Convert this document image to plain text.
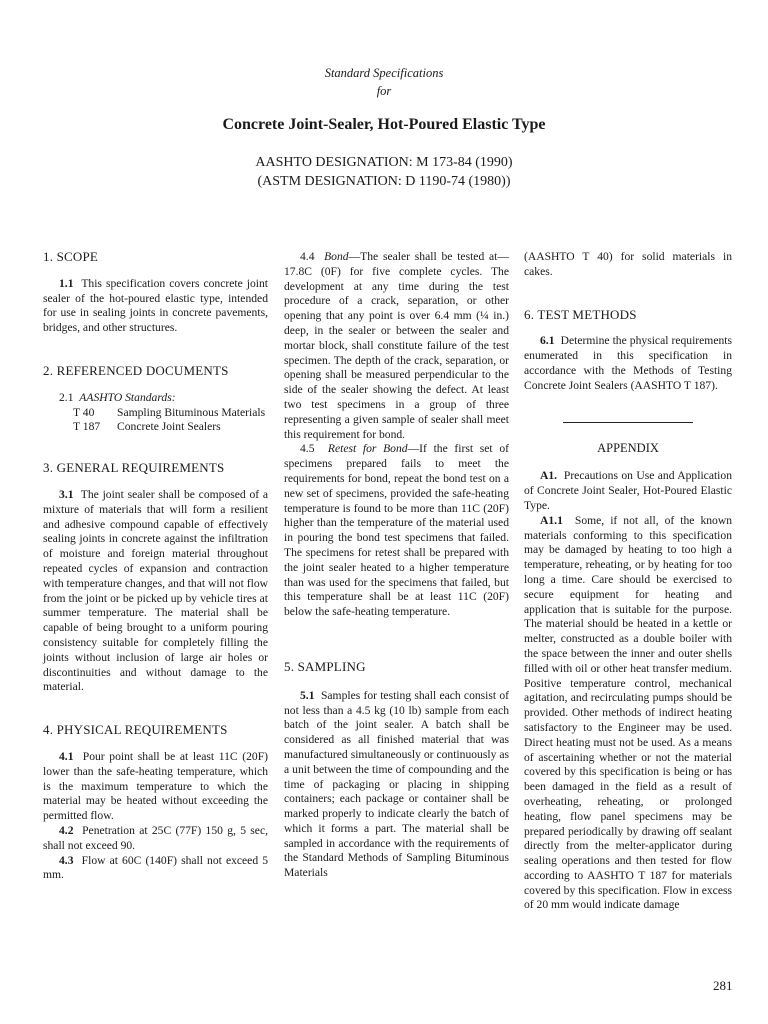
Standard Specifications
for
Concrete Joint-Sealer, Hot-Poured Elastic Type
AASHTO DESIGNATION: M 173-84 (1990)
(ASTM DESIGNATION: D 1190-74 (1980))
1. SCOPE

1.1 This specification covers concrete joint sealer of the hot-poured elastic type, intended for use in sealing joints in concrete pavements, bridges, and other structures.

2. REFERENCED DOCUMENTS
2.1 AASHTO Standards:
T 40	Sampling Bituminous Materials
T 187	Concrete Joint Sealers
3. GENERAL REQUIREMENTS

3.1 The joint sealer shall be composed of a mixture of materials that will form a resilient and adhesive compound capable of effectively sealing joints in concrete against the infiltration of moisture and foreign material throughout repeated cycles of expansion and contraction with temperature changes, and that will not flow from the joint or be picked up by vehicle tires at summer temperature. The material shall be capable of being brought to a uniform pouring consistency suitable for completely filling the joints without inclusion of large air holes or discontinuities and without damage to the material.

4. PHYSICAL REQUIREMENTS

4.1 Pour point shall be at least 11C (20F) lower than the safe-heating temperature, which is the maximum temperature to which the material may be heated without exceeding the permitted flow.

4.2 Penetration at 25C (77F) 150 g, 5 sec, shall not exceed 90.

4.3 Flow at 60C (140F) shall not exceed 5 mm.

4.4 Bond—The sealer shall be tested at—17.8C (0F) for five complete cycles. The development at any time during the test procedure of a crack, separation, or other opening that any point is over 6.4 mm (¼ in.) deep, in the sealer or between the sealer and mortar block, shall constitute failure of the test specimen. The depth of the crack, separation, or opening shall be measured perpendicular to the side of the sealer showing the defect. At least two test specimens in a group of three representing a given sample of sealer shall meet this requirement for bond.

4.5 Retest for Bond—If the first set of specimens prepared fails to meet the requirements for bond, repeat the bond test on a new set of specimens, provided the safe-heating temperature is found to be more than 11C (20F) higher than the temperature of the material used in pouring the bond test specimens that failed. The specimens for retest shall be prepared with the joint sealer heated to a higher temperature than was used for the specimens that failed, but this temperature shall be at least 11C (20F) below the safe-heating temperature.

5. SAMPLING

5.1 Samples for testing shall each consist of not less than a 4.5 kg (10 lb) sample from each batch of the joint sealer. A batch shall be considered as all finished material that was manufactured simultaneously or continuously as a unit between the time of compounding and the time of packaging or placing in shipping containers; each package or container shall be marked properly to indicate clearly the batch of which it forms a part. The material shall be sampled in accordance with the requirements of the Standard Methods of Sampling Bituminous Materials

(AASHTO T 40) for solid materials in cakes.

6. TEST METHODS

6.1 Determine the physical requirements enumerated in this specification in accordance with the Methods of Testing Concrete Joint Sealers (AASHTO T 187).

APPENDIX

A1. Precautions on Use and Application of Concrete Joint Sealer, Hot-Poured Elastic Type.

A1.1 Some, if not all, of the known materials conforming to this specification may be damaged by heating to too high a temperature, reheating, or by heating for too long a time. Care should be exercised to secure equipment for heating and application that is suitable for the purpose. The material should be heated in a kettle or melter, constructed as a double boiler with the space between the inner and outer shells filled with oil or other heat transfer medium. Positive temperature control, mechanical agitation, and recirculating pumps should be provided. Other methods of indirect heating satisfactory to the Engineer may be used. Direct heating must not be used. As a means of ascertaining whether or not the material covered by this specification is being or has been damaged in the field as a result of overheating, reheating, or prolonged heating, flow panel specimens may be prepared periodically by drawing off sealant directly from the melter-applicator during sealing operations and then tested for flow according to AASHTO T 187 for materials covered by this specification. Flow in excess of 20 mm would indicate damage

281
